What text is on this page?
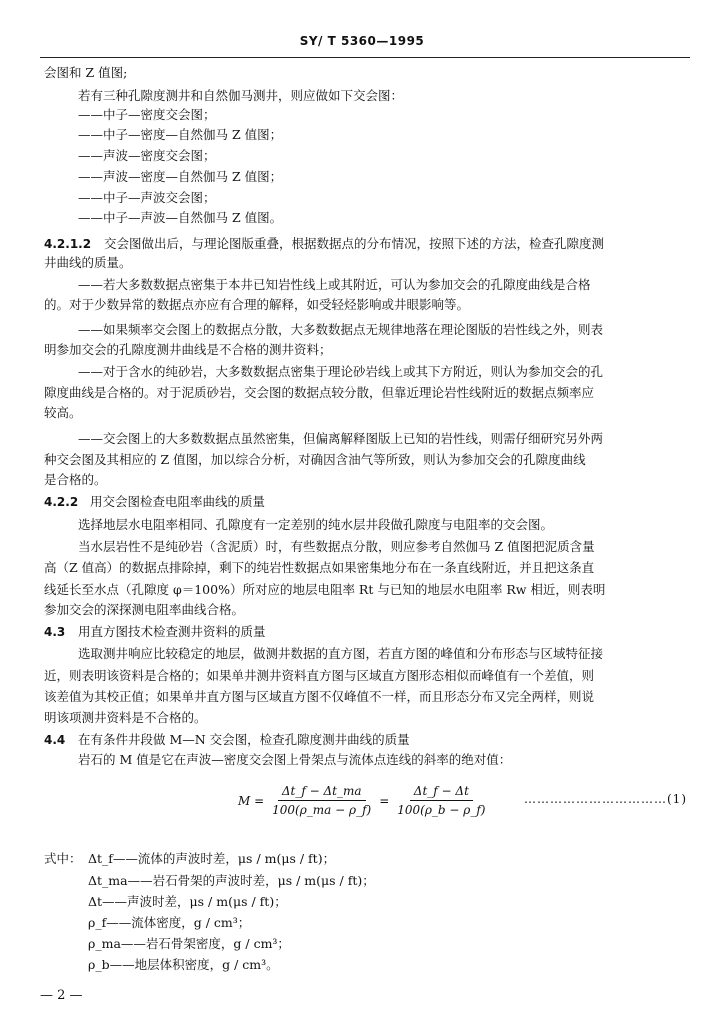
SY/ T 5360—1995
会图和 Z 值图;
若有三种孔隙度测井和自然伽马测井，则应做如下交会图：
——中子—密度交会图；
——中子—密度—自然伽马 Z 值图；
——声波—密度交会图；
——声波—密度—自然伽马 Z 值图；
——中子—声波交会图；
——中子—声波—自然伽马 Z 值图。
4.2.1.2 交会图做出后，与理论图版重叠，根据数据点的分布情况，按照下述的方法，检查孔隙度测
井曲线的质量。
——若大多数数据点密集于本井已知岩性线上或其附近，可认为参加交会的孔隙度曲线是合格
的。对于少数异常的数据点亦应有合理的解释，如受轻烃影响或井眼影响等。
——如果频率交会图上的数据点分散，大多数数据点无规律地落在理论图版的岩性线之外，则表
明参加交会的孔隙度测井曲线是不合格的测井资料；
——对于含水的纯砂岩，大多数数据点密集于理论砂岩线上或其下方附近，则认为参加交会的孔
隙度曲线是合格的。对于泥质砂岩，交会图的数据点较分散，但靠近理论岩性线附近的数据点频率应
较高。
——交会图上的大多数数据点虽然密集，但偏离解释图版上已知的岩性线，则需仔细研究另外两
种交会图及其相应的 Z 值图，加以综合分析，对确因含油气等所致，则认为参加交会的孔隙度曲线
是合格的。
4.2.2 用交会图检查电阻率曲线的质量
选择地层水电阻率相同、孔隙度有一定差别的纯水层井段做孔隙度与电阻率的交会图。
当水层岩性不是纯砂岩（含泥质）时，有些数据点分散，则应参考自然伽马 Z 值图把泥质含量
高（Z 值高）的数据点排除掉，剩下的纯岩性数据点如果密集地分布在一条直线附近，并且把这条直
线延长至水点（孔隙度 φ＝100%）所对应的地层电阻率 Rt 与已知的地层水电阻率 Rw 相近，则表明
参加交会的深探测电阻率曲线合格。
4.3 用直方图技术检查测井资料的质量
选取测井响应比较稳定的地层，做测井数据的直方图，若直方图的峰值和分布形态与区域特征接
近，则表明该资料是合格的；如果单井测井资料直方图与区域直方图形态相似而峰值有一个差值，则
该差值为其校正值；如果单井直方图与区域直方图不仅峰值不一样，而且形态分布又完全两样，则说
明该项测井资料是不合格的。
4.4 在有条件井段做 M—N 交会图，检查孔隙度测井曲线的质量
岩石的 M 值是它在声波—密度交会图上骨架点与流体点连线的斜率的绝对值：
$M = \frac{\Delta t\_f - \Delta t\_ma}{100(\rho\_ma - \rho\_f)} = \frac{\Delta t\_f - \Delta t}{100(\rho\_b - \rho\_f)}$	……………………………(1)
式中： Δt_f——流体的声波时差，μs / m(μs / ft)；
Δt_ma——岩石骨架的声波时差，μs / m(μs / ft)；
Δt——声波时差，μs / m(μs / ft)；
ρ_f——流体密度，g / cm³；
ρ_ma——岩石骨架密度，g / cm³；
ρ_b——地层体积密度，g / cm³。
— 2 —
